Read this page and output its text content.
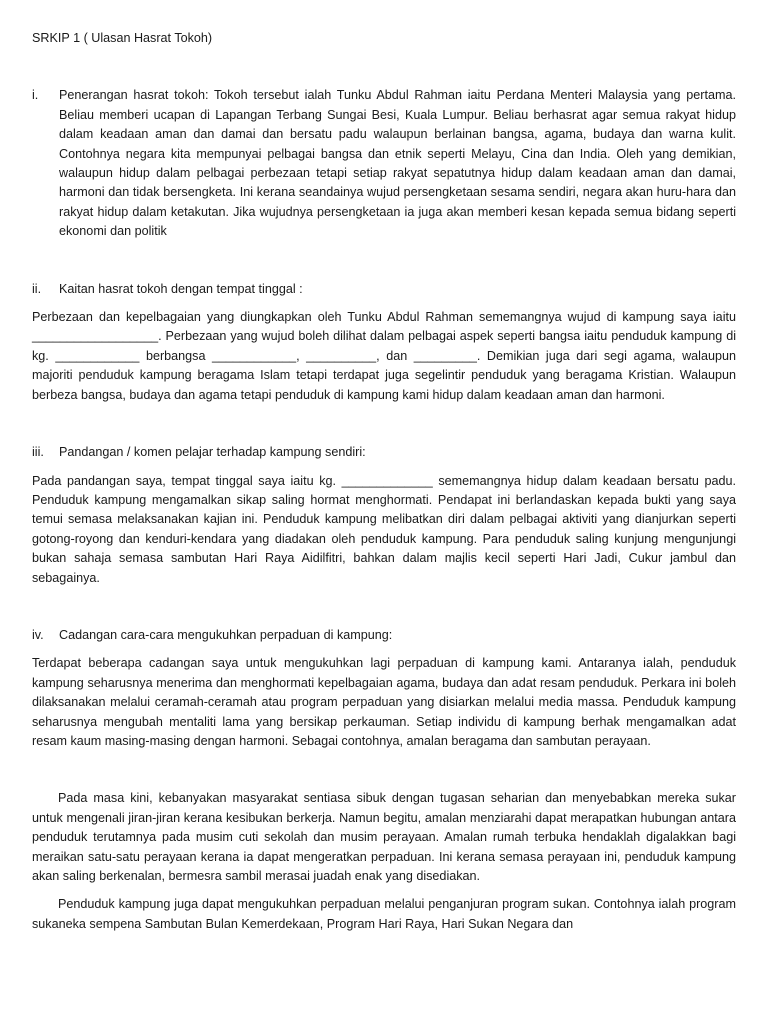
SRKIP 1 ( Ulasan Hasrat Tokoh)
i.	Penerangan hasrat tokoh: Tokoh tersebut ialah Tunku Abdul Rahman iaitu Perdana Menteri Malaysia yang pertama. Beliau memberi ucapan di Lapangan Terbang Sungai Besi, Kuala Lumpur. Beliau berhasrat agar semua rakyat hidup dalam keadaan aman dan damai dan bersatu padu walaupun berlainan bangsa, agama, budaya dan warna kulit. Contohnya negara kita mempunyai pelbagai bangsa dan etnik seperti Melayu, Cina dan India. Oleh yang demikian, walaupun hidup dalam pelbagai perbezaan tetapi setiap rakyat sepatutnya hidup dalam keadaan aman dan damai, harmoni dan tidak bersengketa. Ini kerana seandainya wujud persengketaan sesama sendiri, negara akan huru-hara dan rakyat hidup dalam ketakutan. Jika wujudnya persengketaan ia juga akan memberi kesan kepada semua bidang seperti ekonomi dan politik

ii.	Kaitan hasrat tokoh dengan tempat tinggal :

Perbezaan dan kepelbagaian yang diungkapkan oleh Tunku Abdul Rahman sememangnya wujud di kampung saya iaitu __________________. Perbezaan yang wujud boleh dilihat dalam pelbagai aspek seperti bangsa iaitu penduduk kampung di kg. ____________ berbangsa ____________, __________, dan _________. Demikian juga dari segi agama, walaupun majoriti penduduk kampung beragama Islam tetapi terdapat juga segelintir penduduk yang beragama Kristian. Walaupun berbeza bangsa, budaya dan agama tetapi penduduk di kampung kami hidup dalam keadaan aman dan harmoni.

iii.	Pandangan / komen pelajar terhadap kampung sendiri:

Pada pandangan saya, tempat tinggal saya iaitu kg. _____________ sememangnya hidup dalam keadaan bersatu padu. Penduduk kampung mengamalkan sikap saling hormat menghormati. Pendapat ini berlandaskan kepada bukti yang saya temui semasa melaksanakan kajian ini. Penduduk kampung melibatkan diri dalam pelbagai aktiviti yang dianjurkan seperti gotong-royong dan kenduri-kendara yang diadakan oleh penduduk kampung. Para penduduk saling kunjung mengunjungi bukan sahaja semasa sambutan Hari Raya Aidilfitri, bahkan dalam majlis kecil seperti Hari Jadi, Cukur jambul dan sebagainya.

iv.	Cadangan cara-cara mengukuhkan perpaduan di kampung:

Terdapat beberapa cadangan saya untuk mengukuhkan lagi perpaduan di kampung kami. Antaranya ialah, penduduk kampung seharusnya menerima dan menghormati kepelbagaian agama, budaya dan adat resam penduduk. Perkara ini boleh dilaksanakan melalui ceramah-ceramah atau program perpaduan yang disiarkan melalui media massa. Penduduk kampung seharusnya mengubah mentaliti lama yang bersikap perkauman. Setiap individu di kampung berhak mengamalkan adat resam kaum masing-masing dengan harmoni. Sebagai contohnya, amalan beragama dan sambutan perayaan.

Pada masa kini, kebanyakan masyarakat sentiasa sibuk dengan tugasan seharian dan menyebabkan mereka sukar untuk mengenali jiran-jiran kerana kesibukan berkerja. Namun begitu, amalan menziarahi dapat merapatkan hubungan antara penduduk terutamnya pada musim cuti sekolah dan musim perayaan. Amalan rumah terbuka hendaklah digalakkan bagi meraikan satu-satu perayaan kerana ia dapat mengeratkan perpaduan. Ini kerana semasa perayaan ini, penduduk kampung akan saling berkenalan, bermesra sambil merasai juadah enak yang disediakan.

Penduduk kampung juga dapat mengukuhkan perpaduan melalui penganjuran program sukan. Contohnya ialah program sukaneka sempena Sambutan Bulan Kemerdekaan, Program Hari Raya, Hari Sukan Negara dan
